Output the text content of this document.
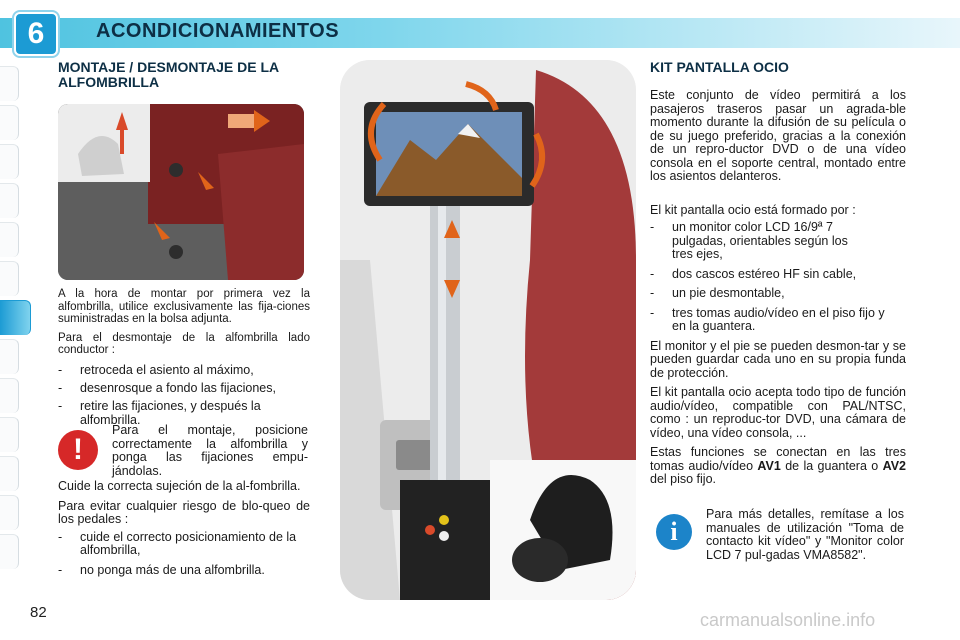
6	ACONDICIONAMIENTOS
MONTAJE / DESMONTAJE DE LA ALFOMBRILLA

A la hora de montar por primera vez la alfombrilla, utilice exclusivamente las fija-ciones suministradas en la bolsa adjunta.

Para el desmontaje de la alfombrilla lado conductor :

- retroceda el asiento al máximo,
- desenrosque a fondo las fijaciones,
- retire las fijaciones, y después la alfombrilla.
!

Para el montaje, posicione correctamente la alfombrilla y ponga las fijaciones empu-jándolas.

Cuide la correcta sujeción de la al-fombrilla.

Para evitar cualquier riesgo de blo-queo de los pedales :

- cuide el correcto posicionamiento de la alfombrilla,
- no ponga más de una alfombrilla.
KIT PANTALLA OCIO

Este conjunto de vídeo permitirá a los pasajeros traseros pasar un agrada-ble momento durante la difusión de su película o de su juego preferido, gracias a la conexión de un repro-ductor DVD o de una vídeo consola en el soporte central, montado entre los asientos delanteros.

El kit pantalla ocio está formado por :

- un monitor color LCD 16/9ª 7 pulgadas, orientables según los tres ejes,
- dos cascos estéreo HF sin cable,
- un pie desmontable,
- tres tomas audio/vídeo en el piso fijo y en la guantera.

El monitor y el pie se pueden desmon-tar y se pueden guardar cada uno en su propia funda de protección.

El kit pantalla ocio acepta todo tipo de función audio/vídeo, compatible con PAL/NTSC, como : un reproduc-tor DVD, una cámara de vídeo, una vídeo consola, ...

Estas funciones se conectan en las tres tomas audio/vídeo AV1 de la guantera o AV2 del piso fijo.

i

Para más detalles, remítase a los manuales de utilización "Toma de contacto kit vídeo" y "Monitor color LCD 7 pul-gadas VMA8582".

82	carmanualsonline.info
